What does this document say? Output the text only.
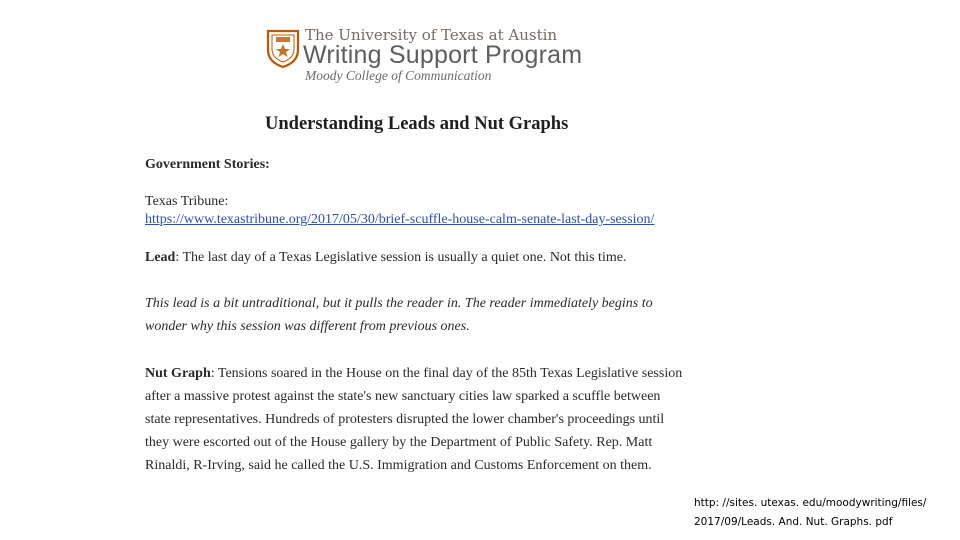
The University of Texas at Austin
Writing Support Program
Moody College of Communication
Understanding Leads and Nut Graphs
Government Stories:
Texas Tribune:
https://www.texastribune.org/2017/05/30/brief-scuffle-house-calm-senate-last-day-session/
Lead: The last day of a Texas Legislative session is usually a quiet one. Not this time.
This lead is a bit untraditional, but it pulls the reader in. The reader immediately begins to
wonder why this session was different from previous ones.
Nut Graph: Tensions soared in the House on the final day of the 85th Texas Legislative session
after a massive protest against the state's new sanctuary cities law sparked a scuffle between
state representatives. Hundreds of protesters disrupted the lower chamber's proceedings until
they were escorted out of the House gallery by the Department of Public Safety. Rep. Matt
Rinaldi, R-Irving, said he called the U.S. Immigration and Customs Enforcement on them.
http: //sites. utexas. edu/moodywriting/files/
2017/09/Leads. And. Nut. Graphs. pdf
